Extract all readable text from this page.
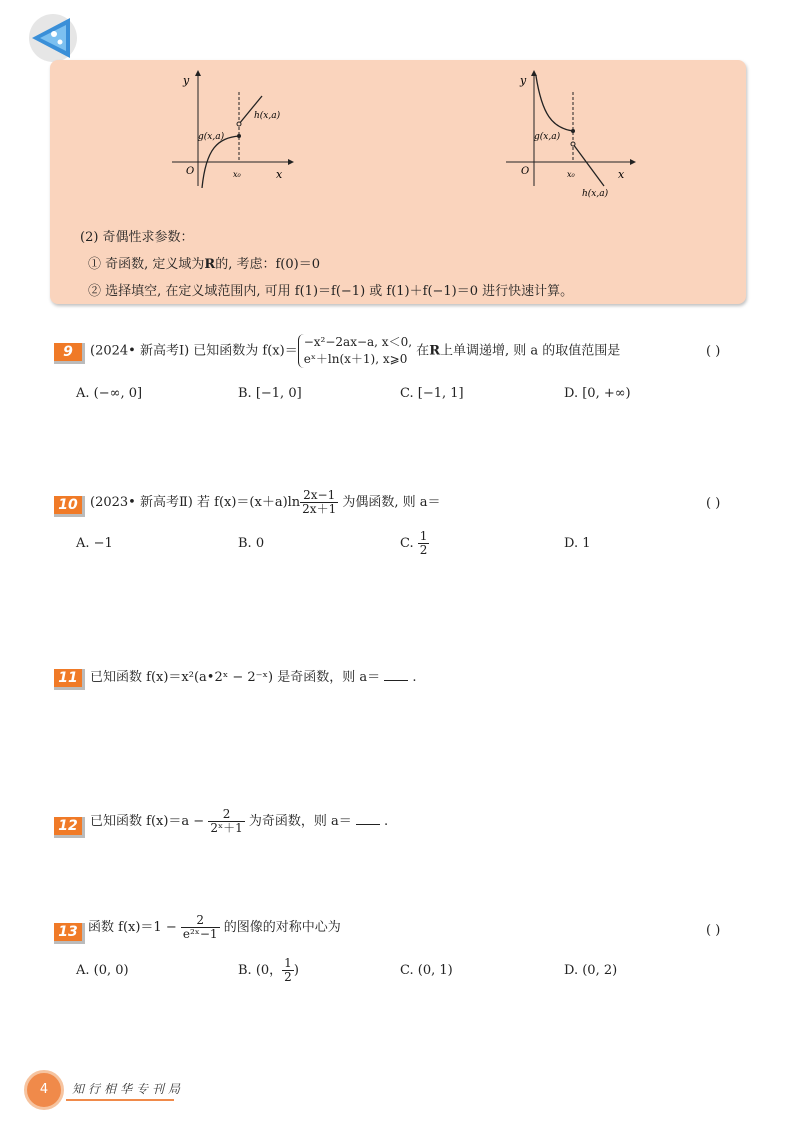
y
x
O	x₀
g(x,a)
h(x,a)
y
x
O	x₀
g(x,a)
h(x,a)
(2) 奇偶性求参数：
① 奇函数, 定义域为R的, 考虑：f(0)＝0
② 选择填空, 在定义域范围内, 可用 f(1)＝f(−1) 或 f(1)＋f(−1)＝0 进行快速计算。
9	(2024• 新高考Ⅰ) 已知函数为 f(x)＝−x²−2ax−a, x＜0,
eˣ＋ln(x＋1), x⩾0 在R上单调递增, 则 a 的取值范围是	( )
A. (−∞, 0]	B. [−1, 0]	C. [−1, 1]	D. [0, +∞)
10 (2023• 新高考Ⅱ) 若 $f(x)=(x+a)\ln \frac{2x-1}{2x+1}$ 为偶函数, 则 a＝	( )
A. −1	B. 0	C. $\frac{1}{2}$	D. 1
11 已知函数 f(x)＝x²(a•2ˣ − 2⁻ˣ) 是奇函数，则 a＝ .
12 已知函数 $f(x)=a - \frac{2}{\text{2ˣ＋1}}$ 为奇函数，则 a＝ .
13 函数 $f(x)=1 - \frac{2}{\text{e²ˣ−1}}$ 的图像的对称中心为	( )
A. (0, 0)	B. (0， $\frac{1}{2}$ )	C. (0, 1)	D. (0, 2)
4	知行相华专刊局
